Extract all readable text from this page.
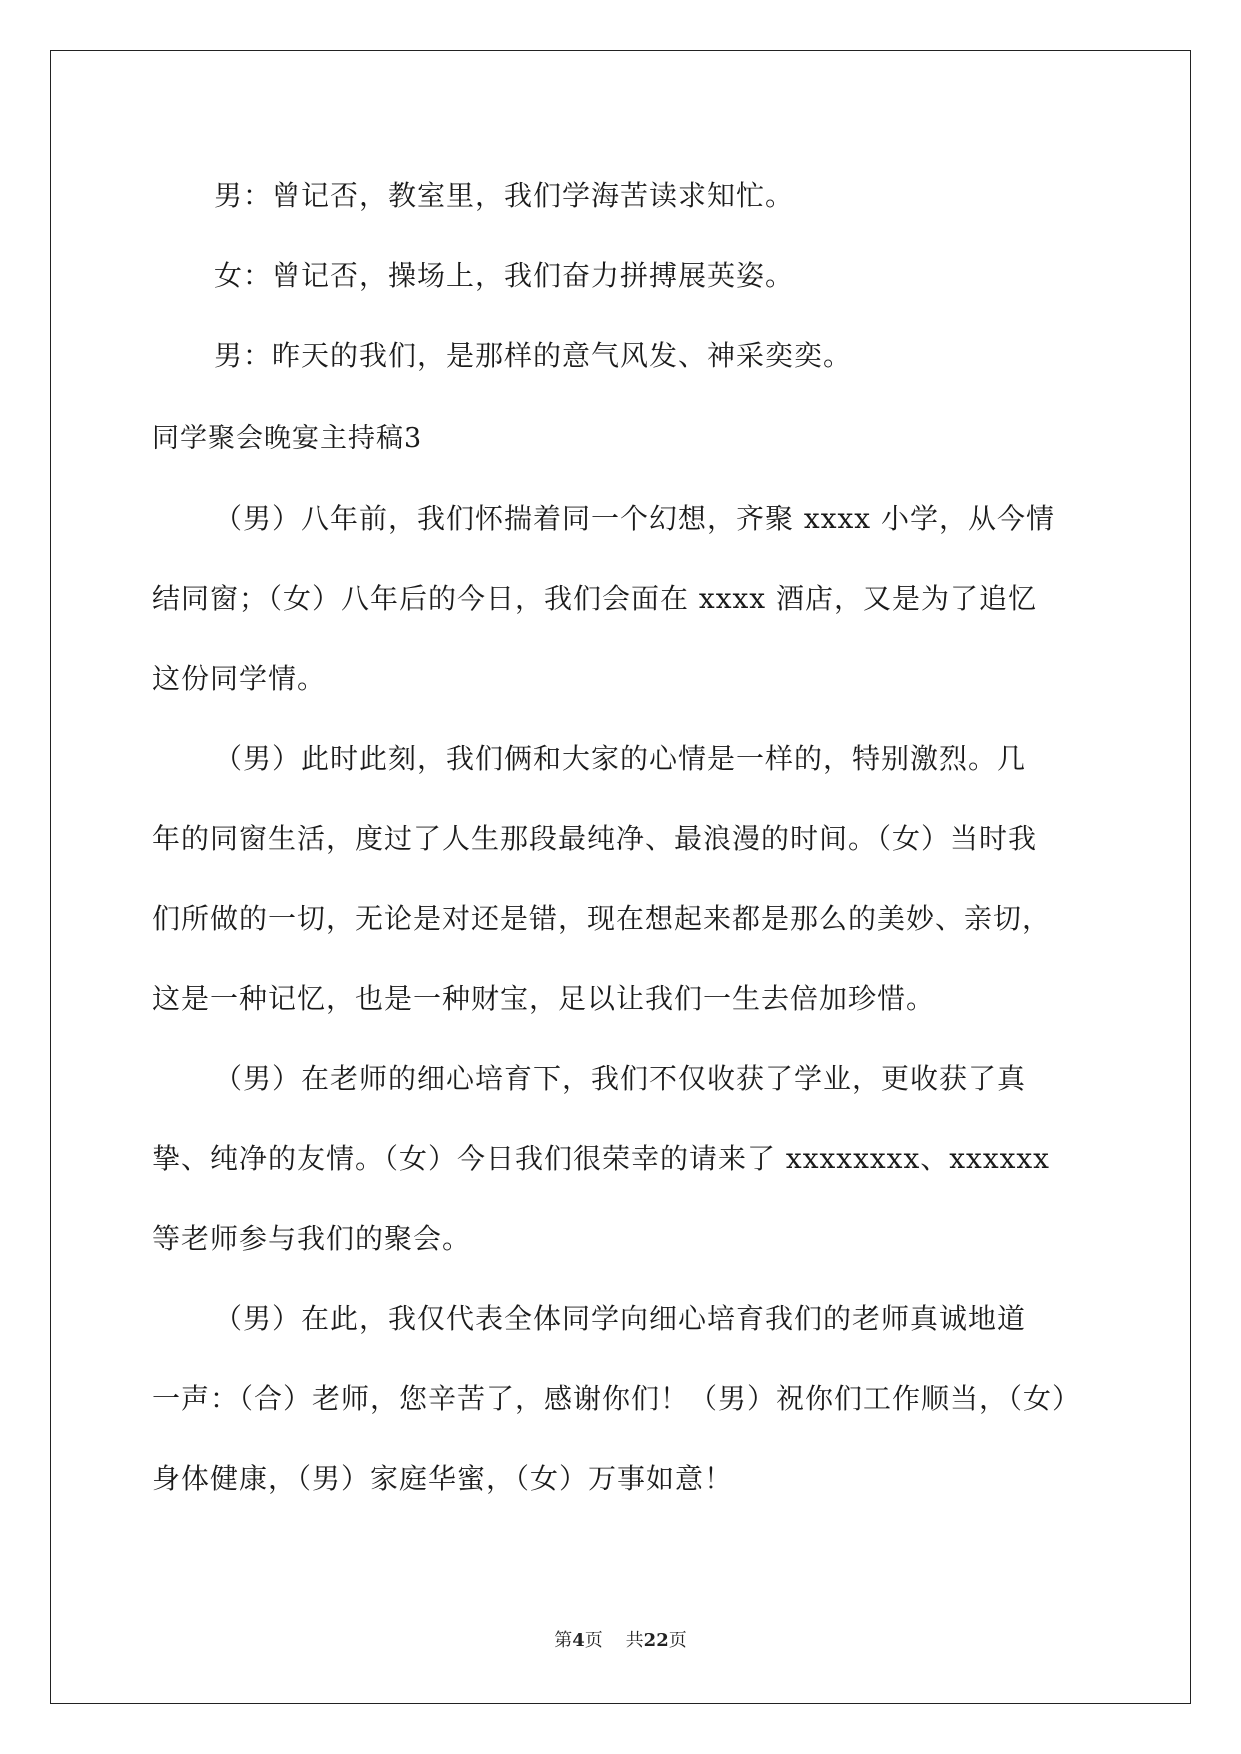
男：曾记否，教室里，我们学海苦读求知忙。

女：曾记否，操场上，我们奋力拼搏展英姿。

男：昨天的我们，是那样的意气风发、神采奕奕。

同学聚会晚宴主持稿3

（男）八年前，我们怀揣着同一个幻想，齐聚 xxxx 小学，从今情

结同窗；（女）八年后的今日，我们会面在 xxxx 酒店，又是为了追忆

这份同学情。

（男）此时此刻，我们俩和大家的心情是一样的，特别激烈。几

年的同窗生活，度过了人生那段最纯净、最浪漫的时间。（女）当时我

们所做的一切，无论是对还是错，现在想起来都是那么的美妙、亲切，

这是一种记忆，也是一种财宝，足以让我们一生去倍加珍惜。

（男）在老师的细心培育下，我们不仅收获了学业，更收获了真

挚、纯净的友情。（女）今日我们很荣幸的请来了 xxxxxxxx、xxxxxx

等老师参与我们的聚会。

（男）在此，我仅代表全体同学向细心培育我们的老师真诚地道

一声：（合）老师，您辛苦了，感谢你们！（男）祝你们工作顺当，（女）

身体健康，（男）家庭华蜜，（女）万事如意！

第4页 共22页
